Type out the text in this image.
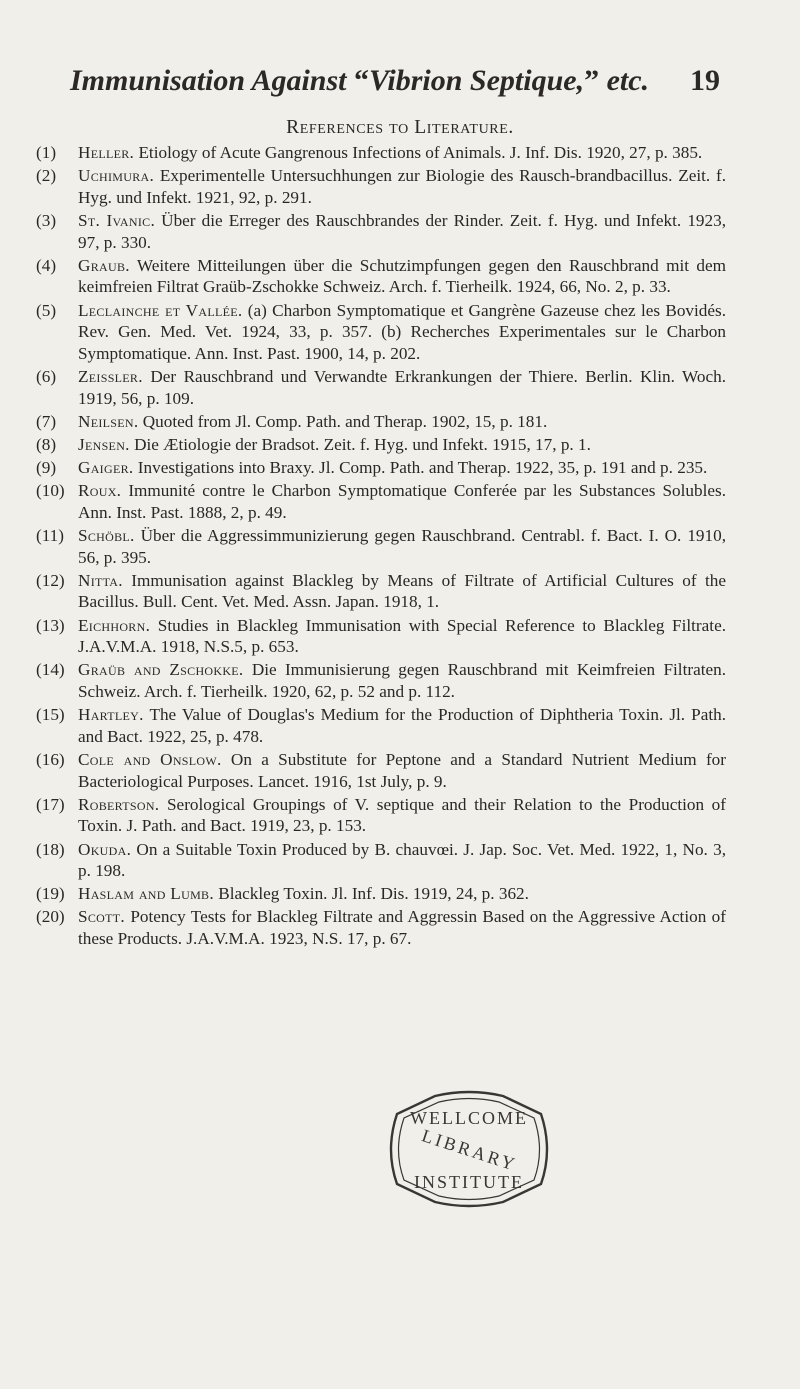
Immunisation Against “Vibrion Septique,” etc. 19
References to Literature.
(1)	Heller. Etiology of Acute Gangrenous Infections of Animals. J. Inf. Dis. 1920, 27, p. 385.
(2)	Uchimura. Experimentelle Untersuchhungen zur Biologie des Rausch-brandbacillus. Zeit. f. Hyg. und Infekt. 1921, 92, p. 291.
(3)	St. Ivanic. Über die Erreger des Rauschbrandes der Rinder. Zeit. f. Hyg. und Infekt. 1923, 97, p. 330.
(4)	Graub. Weitere Mitteilungen über die Schutzimpfungen gegen den Rauschbrand mit dem keimfreien Filtrat Graüb-Zschokke Schweiz. Arch. f. Tierheilk. 1924, 66, No. 2, p. 33.
(5)	Leclainche et Vallée. (a) Charbon Symptomatique et Gangrène Gazeuse chez les Bovidés. Rev. Gen. Med. Vet. 1924, 33, p. 357. (b) Recherches Experimentales sur le Charbon Symptomatique. Ann. Inst. Past. 1900, 14, p. 202.
(6)	Zeissler. Der Rauschbrand und Verwandte Erkrankungen der Thiere. Berlin. Klin. Woch. 1919, 56, p. 109.
(7)	Neilsen. Quoted from Jl. Comp. Path. and Therap. 1902, 15, p. 181.
(8)	Jensen. Die Ætiologie der Bradsot. Zeit. f. Hyg. und Infekt. 1915, 17, p. 1.
(9)	Gaiger. Investigations into Braxy. Jl. Comp. Path. and Therap. 1922, 35, p. 191 and p. 235.
(10) Roux. Immunité contre le Charbon Symptomatique Conferée par les Substances Solubles. Ann. Inst. Past. 1888, 2, p. 49.
(11) Schöbl. Über die Aggressimmunizierung gegen Rauschbrand. Centrabl. f. Bact. I. O. 1910, 56, p. 395.
(12) Nitta. Immunisation against Blackleg by Means of Filtrate of Artificial Cultures of the Bacillus. Bull. Cent. Vet. Med. Assn. Japan. 1918, 1.
(13) Eichhorn. Studies in Blackleg Immunisation with Special Reference to Blackleg Filtrate. J.A.V.M.A. 1918, N.S.5, p. 653.
(14) Graüb and Zschokke. Die Immunisierung gegen Rauschbrand mit Keimfreien Filtraten. Schweiz. Arch. f. Tierheilk. 1920, 62, p. 52 and p. 112.
(15) Hartley. The Value of Douglas's Medium for the Production of Diphtheria Toxin. Jl. Path. and Bact. 1922, 25, p. 478.
(16) Cole and Onslow. On a Substitute for Peptone and a Standard Nutrient Medium for Bacteriological Purposes. Lancet. 1916, 1st July, p. 9.
(17) Robertson. Serological Groupings of V. septique and their Relation to the Production of Toxin. J. Path. and Bact. 1919, 23, p. 153.
(18) Okuda. On a Suitable Toxin Produced by B. chauvœi. J. Jap. Soc. Vet. Med. 1922, 1, No. 3, p. 198.
(19) Haslam and Lumb. Blackleg Toxin. Jl. Inf. Dis. 1919, 24, p. 362.
(20) Scott. Potency Tests for Blackleg Filtrate and Aggressin Based on the Aggressive Action of these Products. J.A.V.M.A. 1923, N.S. 17, p. 67.
WELLCOME
LIBRARY
INSTITUTE
